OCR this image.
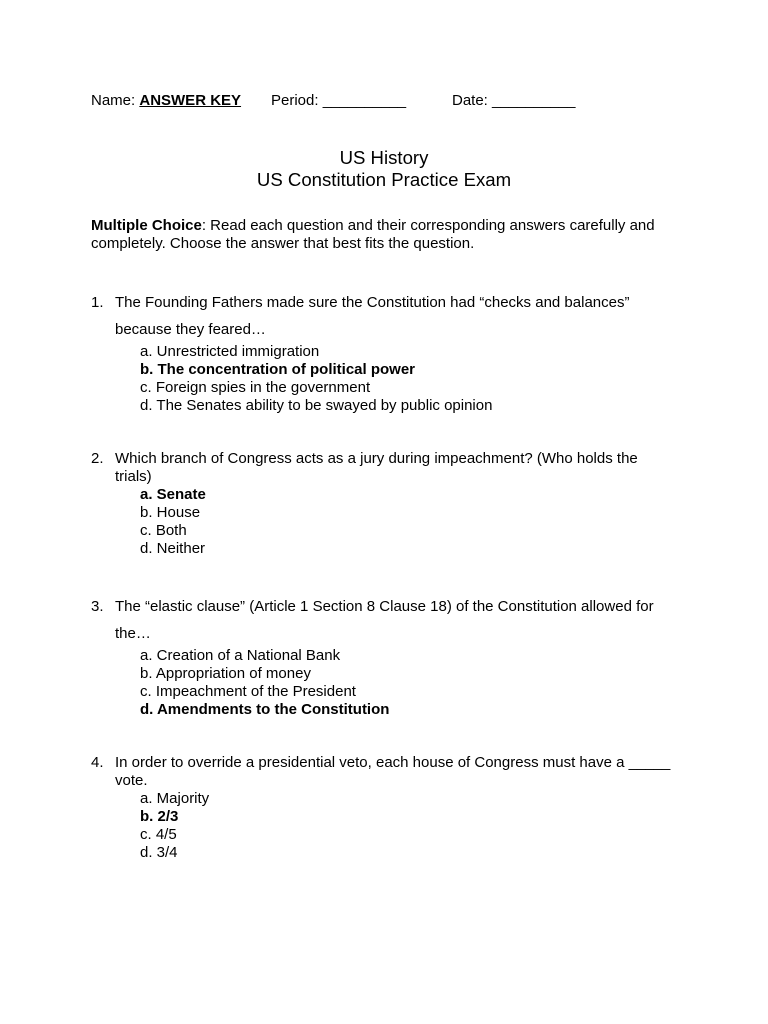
Name: ANSWER KEY Period: __________	Date: __________
US History
US Constitution Practice Exam
Multiple Choice: Read each question and their corresponding answers carefully and
completely. Choose the answer that best fits the question.
1. The Founding Fathers made sure the Constitution had “checks and balances”
because they feared…
a. Unrestricted immigration
b. The concentration of political power
c. Foreign spies in the government
d. The Senates ability to be swayed by public opinion
2. Which branch of Congress acts as a jury during impeachment? (Who holds the
trials)
a. Senate
b. House
c. Both
d. Neither
3. The “elastic clause” (Article 1 Section 8 Clause 18) of the Constitution allowed for
the…
a. Creation of a National Bank
b. Appropriation of money
c. Impeachment of the President
d. Amendments to the Constitution
4. In order to override a presidential veto, each house of Congress must have a _____
vote.
a. Majority
b. 2/3
c. 4/5
d. 3/4
